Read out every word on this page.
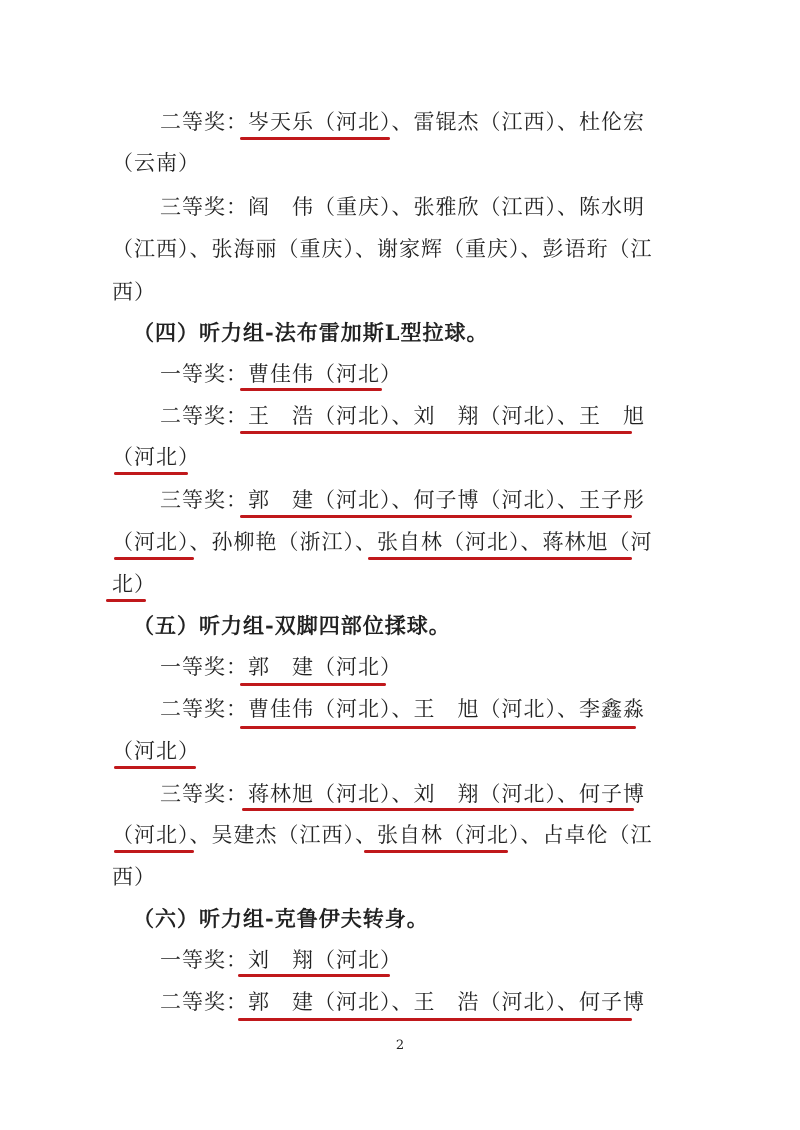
二等奖：岑天乐（河北）、雷锟杰（江西）、杜伦宏
（云南）
三等奖：阎　伟（重庆）、张雅欣（江西）、陈水明
（江西）、张海丽（重庆）、谢家辉（重庆）、彭语珩（江
西）
（四）听力组-法布雷加斯L型拉球。
一等奖：曹佳伟（河北）
二等奖：王　浩（河北）、刘　翔（河北）、王　旭
（河北）
三等奖：郭　建（河北）、何子博（河北）、王子彤
（河北）、孙柳艳（浙江）、张自林（河北）、蒋林旭（河
北）
（五）听力组-双脚四部位揉球。
一等奖：郭　建（河北）
二等奖：曹佳伟（河北）、王　旭（河北）、李鑫淼
（河北）
三等奖：蒋林旭（河北）、刘　翔（河北）、何子博
（河北）、吴建杰（江西）、张自林（河北）、占卓伦（江
西）
（六）听力组-克鲁伊夫转身。
一等奖：刘　翔（河北）
二等奖：郭　建（河北）、王　浩（河北）、何子博
2
